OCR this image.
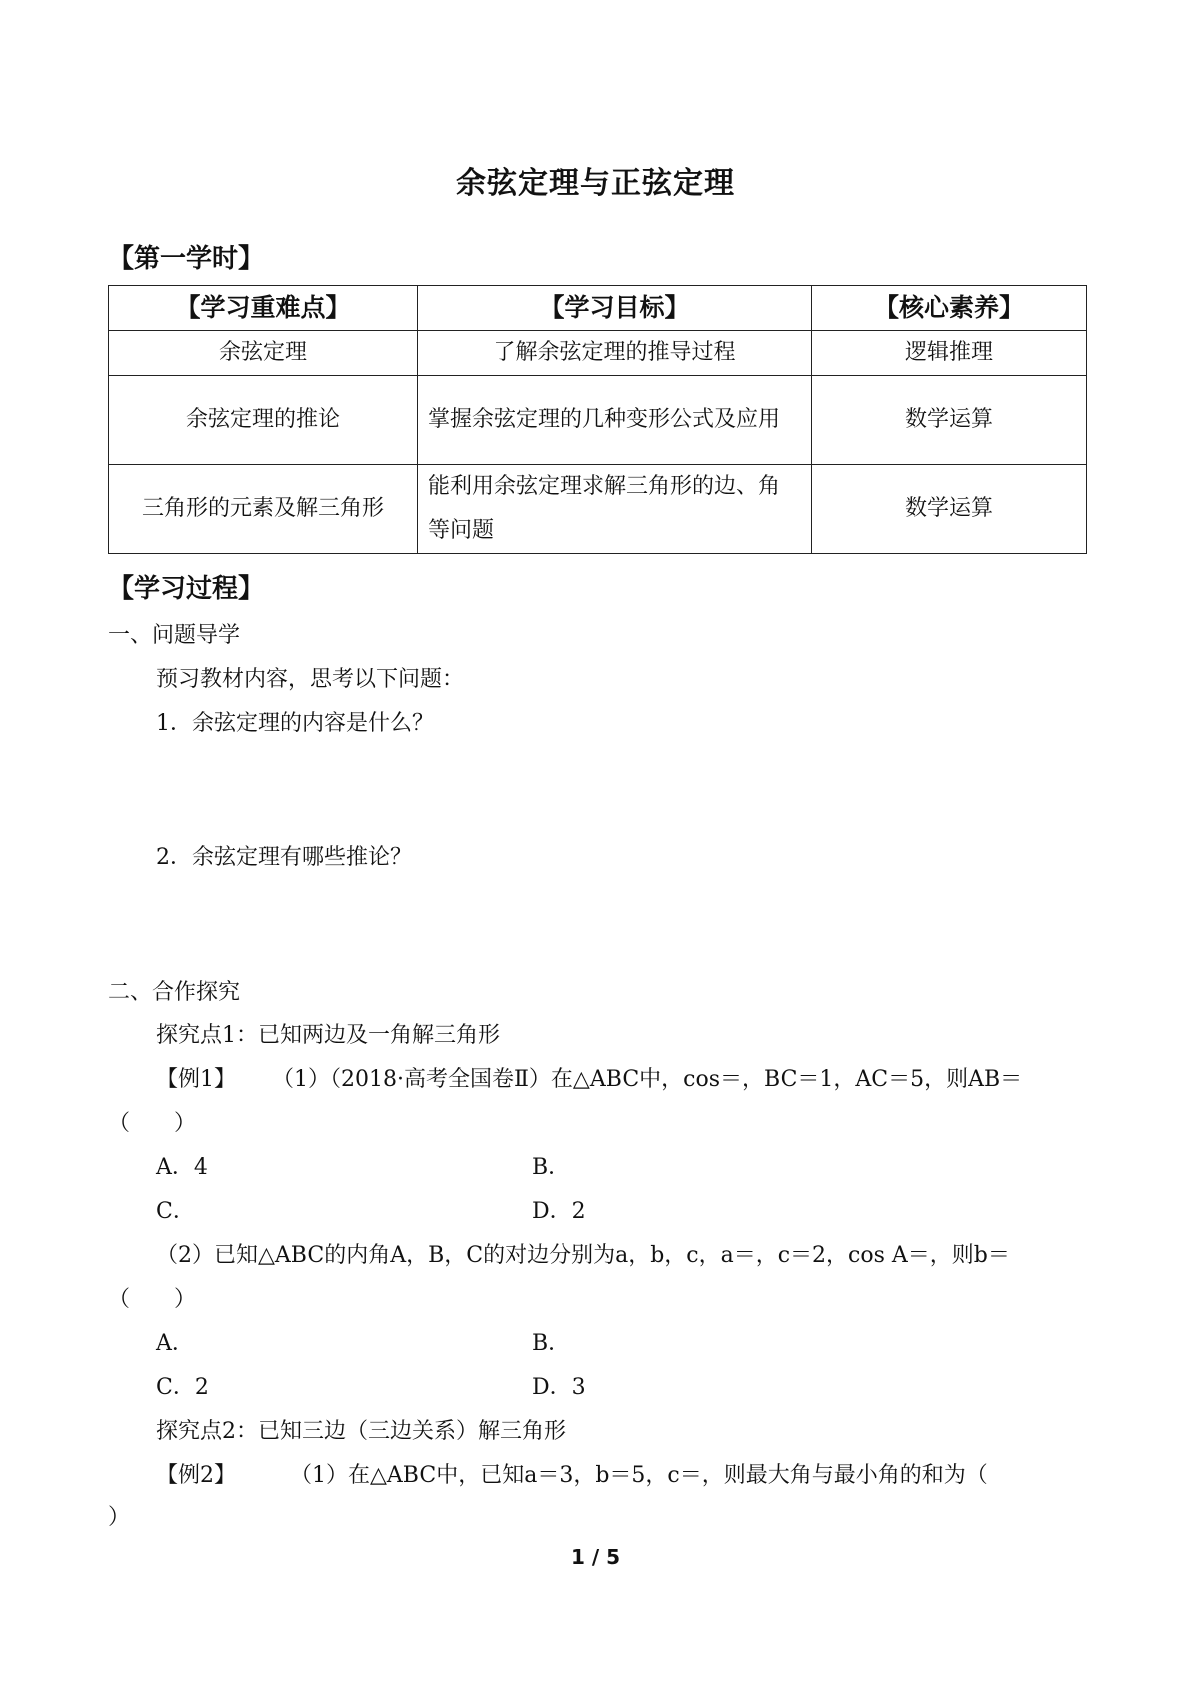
余弦定理与正弦定理
【第一学时】
【学习重难点】	【学习目标】	【核心素养】
余弦定理	了解余弦定理的推导过程	逻辑推理
余弦定理的推论	掌握余弦定理的几种变形公式及应用	数学运算
三角形的元素及解三角形	能利用余弦定理求解三角形的边、角等问题	数学运算
【学习过程】
一、问题导学
预习教材内容，思考以下问题：
1．余弦定理的内容是什么？
2．余弦定理有哪些推论？
二、合作探究
探究点1：已知两边及一角解三角形
【例1】 （1）（2018·高考全国卷Ⅱ）在△ABC中，cos＝，BC＝1，AC＝5，则AB＝
（　　）
A．4	B．
C．	D．2
（2）已知△ABC的内角A，B，C的对边分别为a，b，c，a＝，c＝2，cos A＝，则b＝
（　　）
A．	B．
C．2	D．3
探究点2：已知三边（三边关系）解三角形
【例2】 （1）在△ABC中，已知a＝3，b＝5，c＝，则最大角与最小角的和为（
）
1 / 5
